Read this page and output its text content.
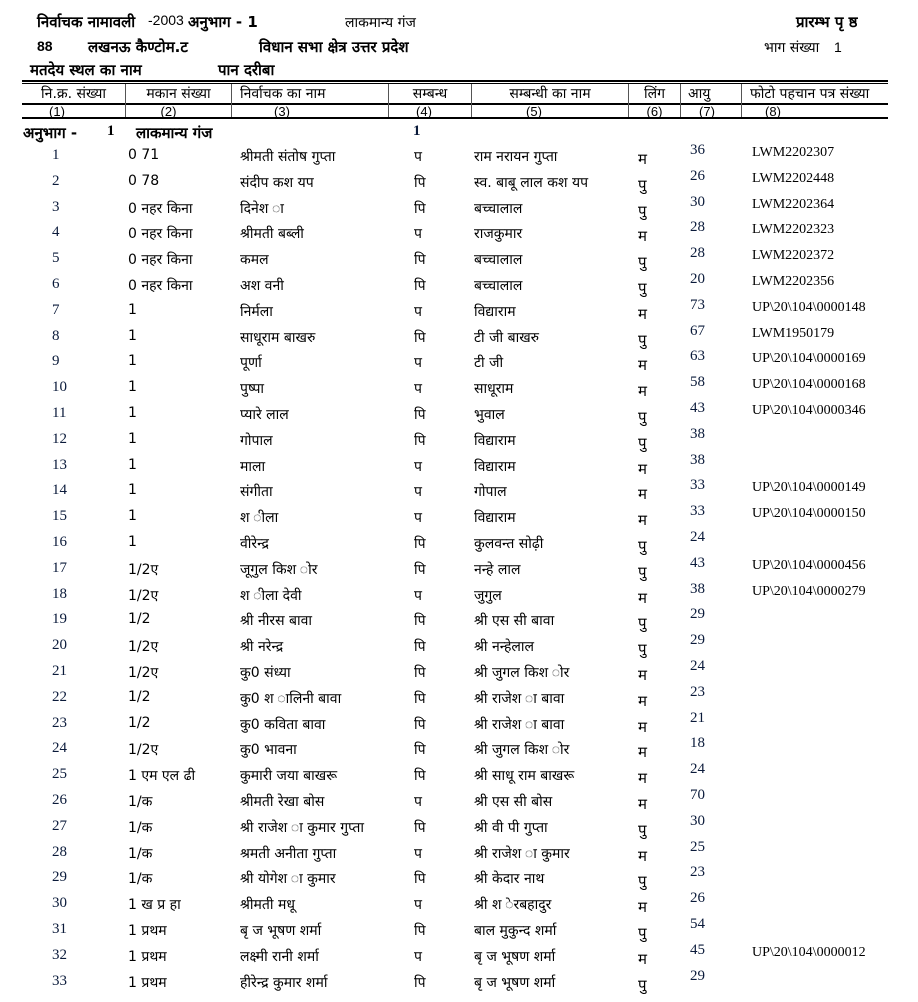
निर्वाचक नामावली -2003 अनुभाग - 1	लाकमान्य गंज	प्रारम्भ पृ ष्ठ
88 लखनऊ कैण्टोम.ट	विधान सभा क्षेत्र उत्तर प्रदेश	भाग संख्या 1
मतदेय स्थल का नाम	पान दरीबा
नि.क्र. संख्या	मकान संख्या	निर्वाचक का नाम	सम्बन्ध	सम्बन्धी का नाम	लिंग	आयु	फोटो पहचान पत्र संख्या
(1)	(2)	(3)	(4)	(5)	(6)	(7)	(8)
अनुभाग - 1 लाकमान्य गंज	1
1	0 71	श्रीमती संतोष गुप्ता	प	राम नरायन गुप्ता	म	36	LWM2202307
2	0 78	संदीप कश यप	पि	स्व. बाबू लाल कश यप	पु	26	LWM2202448
3	0 नहर किना	दिनेश ा	पि	बच्चालाल	पु	30	LWM2202364
4	0 नहर किना	श्रीमती बब्ली	प	राजकुमार	म	28	LWM2202323
5	0 नहर किना	कमल	पि	बच्चालाल	पु	28	LWM2202372
6	0 नहर किना	अश वनी	पि	बच्चालाल	पु	20	LWM2202356
7	1	निर्मला	प	विद्याराम	म	73	UP\20\104\0000148
8	1	साधूराम बाखरु	पि	टी जी बाखरु	पु	67	LWM1950179
9	1	पूर्णा	प	टी जी	म	63	UP\20\104\0000169
10	1	पुष्पा	प	साधूराम	म	58	UP\20\104\0000168
11	1	प्यारे लाल	पि	भुवाल	पु	43	UP\20\104\0000346
12	1	गोपाल	पि	विद्याराम	पु	38
13	1	माला	प	विद्याराम	म	38
14	1	संगीता	प	गोपाल	म	33	UP\20\104\0000149
15	1	श ीला	प	विद्याराम	म	33	UP\20\104\0000150
16	1	वीरेन्द्र	पि	कुलवन्त सोढ़ी	पु	24
17	1/2ए	जूगुल किश ोर	पि	नन्हे लाल	पु	43	UP\20\104\0000456
18	1/2ए	श ीला देवी	प	जुगुल	म	38	UP\20\104\0000279
19	1/2	श्री नीरस बावा	पि	श्री एस सी बावा	पु	29
20	1/2ए	श्री नरेन्द्र	पि	श्री नन्हेलाल	पु	29
21	1/2ए	कु0 संध्या	पि	श्री जुगल किश ोर	म	24
22	1/2	कु0 श ालिनी बावा	पि	श्री राजेश ा बावा	म	23
23	1/2	कु0 कविता बावा	पि	श्री राजेश ा बावा	म	21
24	1/2ए	कु0 भावना	पि	श्री जुगल किश ोर	म	18
25	1 एम एल ढी	कुमारी जया बाखरू	पि	श्री साधू राम बाखरू	म	24
26	1/क	श्रीमती रेखा बोस	प	श्री एस सी बोस	म	70
27	1/क	श्री राजेश ा कुमार गुप्ता	पि	श्री वी पी गुप्ता	पु	30
28	1/क	श्रमती अनीता गुप्ता	प	श्री राजेश ा कुमार	म	25
29	1/क	श्री योगेश ा कुमार	पि	श्री केदार नाथ	पु	23
30	1 ख प्र हा	श्रीमती मधू	प	श्री श ेरबहादुर	म	26
31	1 प्रथम	बृ ज भूषण शर्मा	पि	बाल मुकुन्द शर्मा	पु	54
32	1 प्रथम	लक्ष्मी रानी शर्मा	प	बृ ज भूषण शर्मा	म	45	UP\20\104\0000012
33	1 प्रथम	हीरेन्द्र कुमार शर्मा	पि	बृ ज भूषण शर्मा	पु	29
